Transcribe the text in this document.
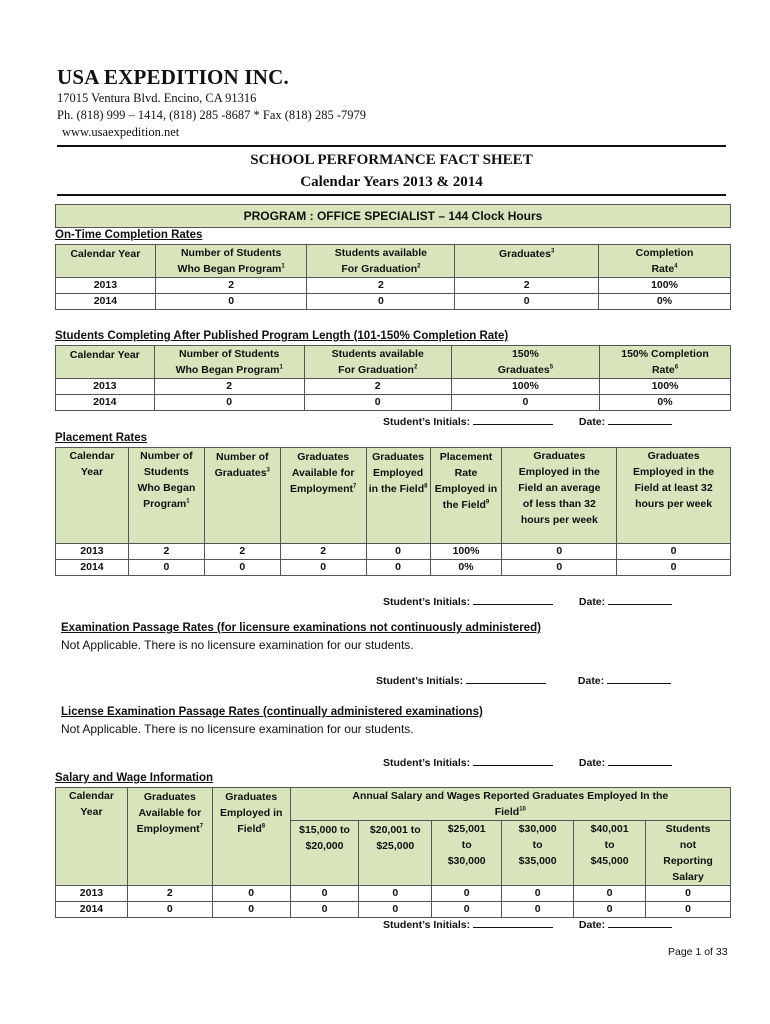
USA EXPEDITION INC.
17015 Ventura Blvd. Encino, CA 91316
Ph. (818) 999 – 1414, (818) 285 -8687 * Fax (818) 285 -7979
www.usaexpedition.net
SCHOOL PERFORMANCE FACT SHEET
Calendar Years 2013 & 2014
PROGRAM : OFFICE SPECIALIST – 144 Clock Hours
On-Time Completion Rates
Calendar Year	Number of Students Who Began Program$^1$	Students available For Graduation$^2$	Graduates$^3$	Completion Rate$^4$
2013	2	2	2	100%
2014	0	0	0	0%
Students Completing After Published Program Length (101-150% Completion Rate)
Calendar Year	Number of Students Who Began Program$^1$	Students available For Graduation$^2$	150% Graduates$^5$	150% Completion Rate$^6$
2013	2	2	100%	100%
2014	0	0	0	0%
Student’s Initials:	Date:
Placement Rates
Calendar Year	Number of Students Who Began Program$^1$	Number of Graduates$^3$	Graduates Available for Employment$^7$	Graduates Employed in the Field$^8$	Placement Rate Employed in the Field$^9$	Graduates Employed in the Field an average of less than 32 hours per week	Graduates Employed in the Field at least 32 hours per week
2013	2	2	2	0	100%	0	0
2014	0	0	0	0	0%	0	0
Student’s Initials:	Date:
Examination Passage Rates (for licensure examinations not continuously administered)
Not Applicable. There is no licensure examination for our students.
Student’s Initials:	Date:
License Examination Passage Rates (continually administered examinations)
Not Applicable. There is no licensure examination for our students.
Student’s Initials:	Date:
Salary and Wage Information
Calendar Year	Graduates Available for Employment$^7$	Graduates Employed in Field$^8$	Annual Salary and Wages Reported Graduates Employed In the Field$^{10}$
			$15,000 to $20,000	$20,001 to $25,000	$25,001 to $30,000	$30,000 to $35,000	$40,001 to $45,000	Students not Reporting Salary
2013	2	0	0	0	0	0	0	0
2014	0	0	0	0	0	0	0	0
Student’s Initials:	Date:
Page 1 of 33
